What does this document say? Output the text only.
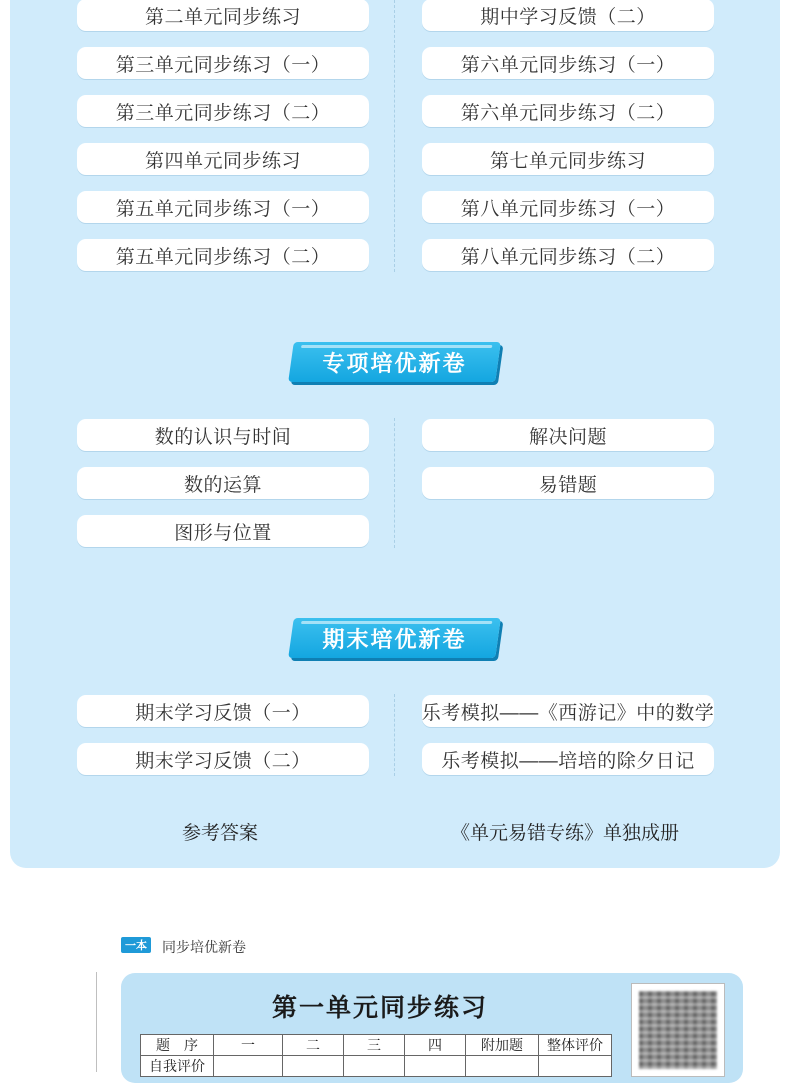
第二单元同步练习
第三单元同步练习（一）
第三单元同步练习（二）
第四单元同步练习
第五单元同步练习（一）
第五单元同步练习（二）
期中学习反馈（二）
第六单元同步练习（一）
第六单元同步练习（二）
第七单元同步练习
第八单元同步练习（一）
第八单元同步练习（二）
专项培优新卷
数的认识与时间
数的运算
图形与位置
解决问题
易错题
期末培优新卷
期末学习反馈（一）
期末学习反馈（二）
乐考模拟——《西游记》中的数学
乐考模拟——培培的除夕日记
参考答案	《单元易错专练》单独成册
一本 同步培优新卷
第一单元同步练习
题　序	一	二	三	四	附加题	整体评价
自我评价						
